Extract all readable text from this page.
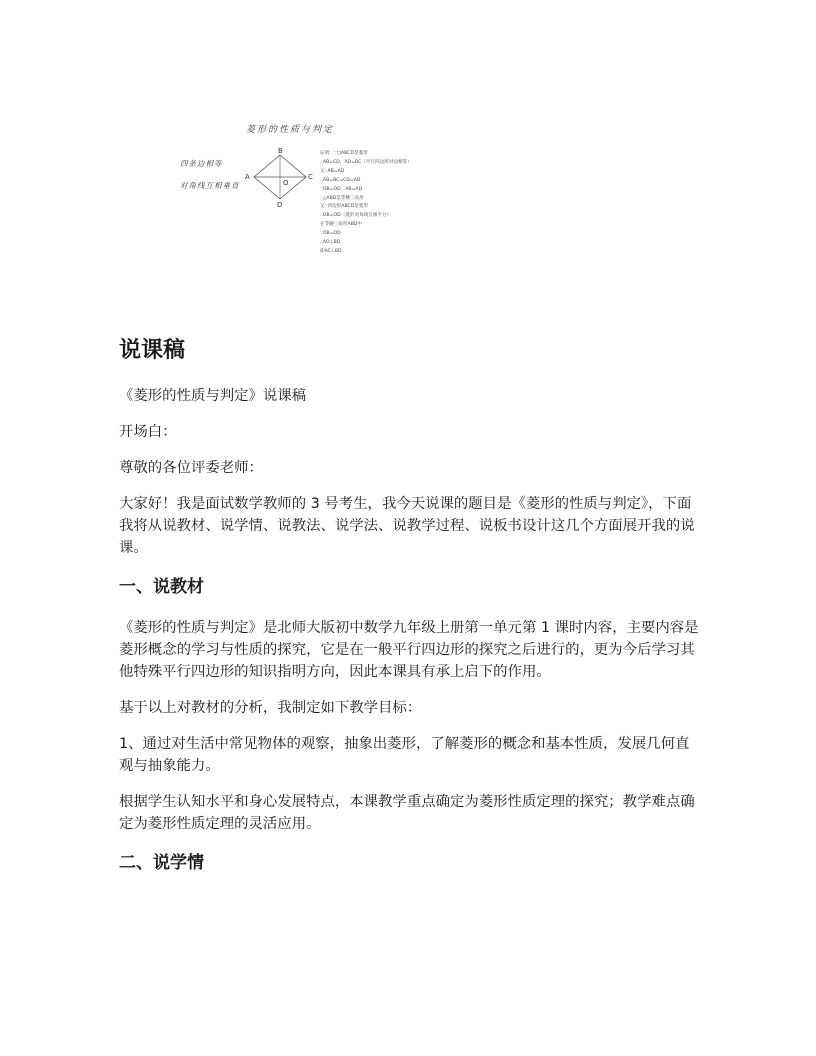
菱形的性质与判定
四条边相等
对角线互相垂直
B
A	C
D
O
证明：∵□ABCD是菱形
∴AB=CD，AD=BC（平行四边形对边相等）
又∵AB=AD
∴AB=BC=CD=AD
∵OB=OD，AB=AD
∴△ABD是等腰三角形
又∵四边形ABCD是菱形
∴OB=OD（菱形对角线互相平分）
在等腰三角形ABD中
∵OB=OD
∴AO⊥BD
即AC⊥BD
说课稿

《菱形的性质与判定》说课稿

开场白：

尊敬的各位评委老师：

大家好！我是面试数学教师的 3 号考生，我今天说课的题目是《菱形的性质与判定》，下面我将从说教材、说学情、说教法、说学法、说教学过程、说板书设计这几个方面展开我的说课。

一、说教材

《菱形的性质与判定》是北师大版初中数学九年级上册第一单元第 1 课时内容，主要内容是菱形概念的学习与性质的探究，它是在一般平行四边形的探究之后进行的，更为今后学习其他特殊平行四边形的知识指明方向，因此本课具有承上启下的作用。

基于以上对教材的分析，我制定如下教学目标：

1、通过对生活中常见物体的观察，抽象出菱形，了解菱形的概念和基本性质，发展几何直观与抽象能力。

根据学生认知水平和身心发展特点，本课教学重点确定为菱形性质定理的探究；教学难点确定为菱形性质定理的灵活应用。

二、说学情
